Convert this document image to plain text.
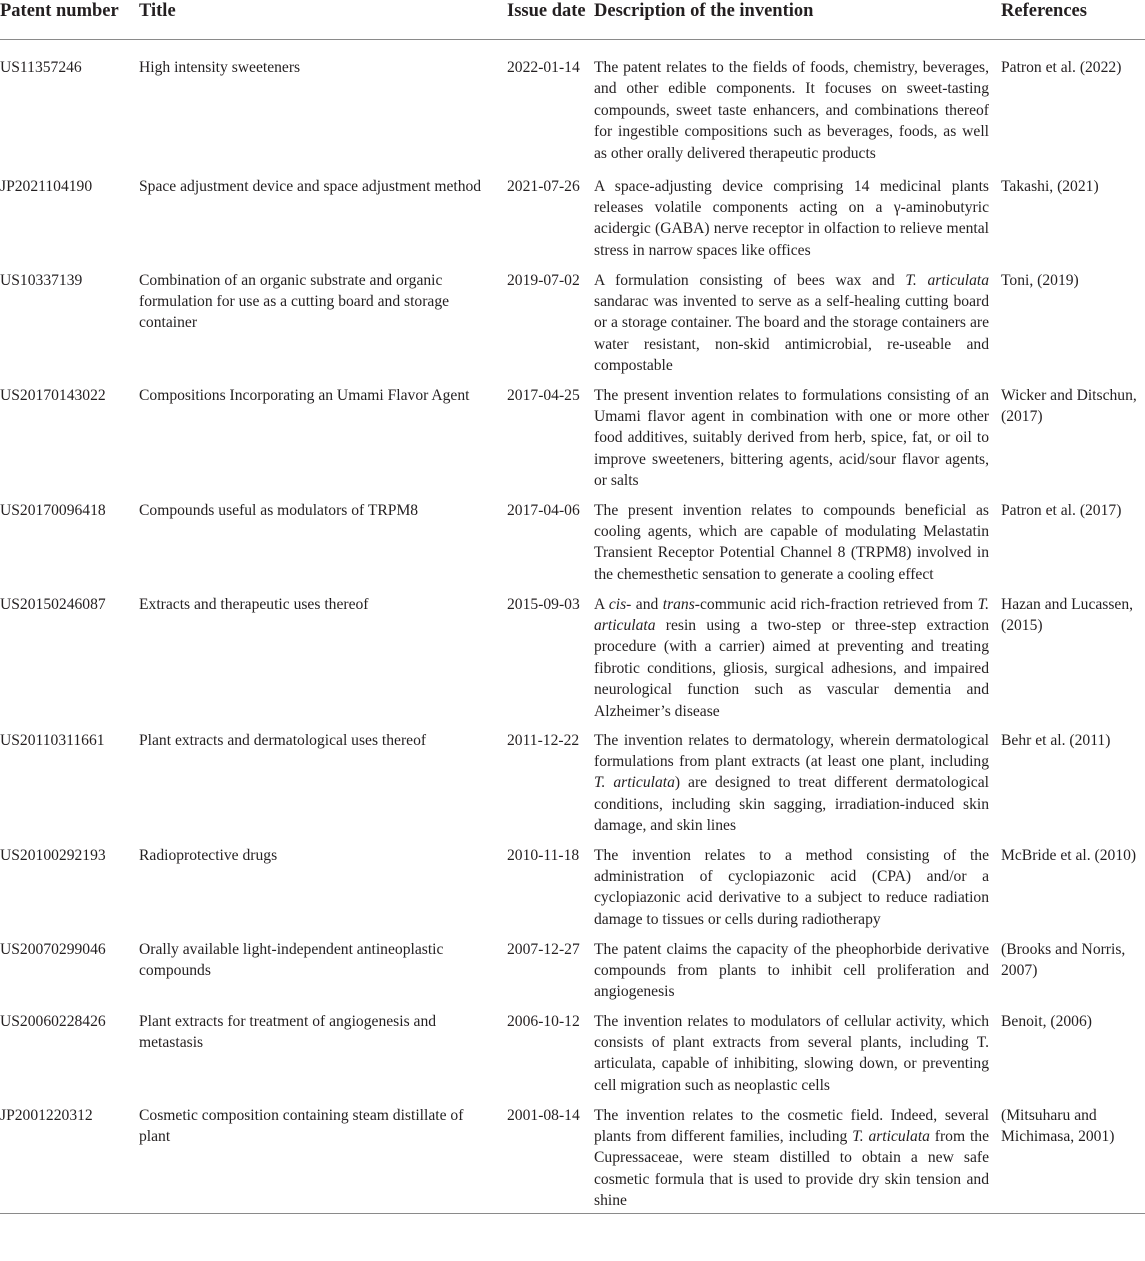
Patent number	Title	Issue date	Description of the invention	References
US11357246	High intensity sweeteners	2022-01-14	The patent relates to the fields of foods, chemistry, beverages, and other edible components. It focuses on sweet-tasting compounds, sweet taste enhancers, and combinations thereof for ingestible compositions such as beverages, foods, as well as other orally delivered therapeutic products	Patron et al. (2022)
JP2021104190	Space adjustment device and space adjustment method	2021-07-26	A space-adjusting device comprising 14 medicinal plants releases volatile components acting on a γ-aminobutyric acidergic (GABA) nerve receptor in olfaction to relieve mental stress in narrow spaces like offices	Takashi, (2021)
US10337139	Combination of an organic substrate and organic formulation for use as a cutting board and storage container	2019-07-02	A formulation consisting of bees wax and T. articulata sandarac was invented to serve as a self-healing cutting board or a storage container. The board and the storage containers are water resistant, non-skid antimicrobial, re-useable and compostable	Toni, (2019)
US20170143022	Compositions Incorporating an Umami Flavor Agent	2017-04-25	The present invention relates to formulations consisting of an Umami flavor agent in combination with one or more other food additives, suitably derived from herb, spice, fat, or oil to improve sweeteners, bittering agents, acid/sour flavor agents, or salts	Wicker and Ditschun, (2017)
US20170096418	Compounds useful as modulators of TRPM8	2017-04-06	The present invention relates to compounds beneficial as cooling agents, which are capable of modulating Melastatin Transient Receptor Potential Channel 8 (TRPM8) involved in the chemesthetic sensation to generate a cooling effect	Patron et al. (2017)
US20150246087	Extracts and therapeutic uses thereof	2015-09-03	A cis- and trans-communic acid rich-fraction retrieved from T. articulata resin using a two-step or three-step extraction procedure (with a carrier) aimed at preventing and treating fibrotic conditions, gliosis, surgical adhesions, and impaired neurological function such as vascular dementia and Alzheimer’s disease	Hazan and Lucassen, (2015)
US20110311661	Plant extracts and dermatological uses thereof	2011-12-22	The invention relates to dermatology, wherein dermatological formulations from plant extracts (at least one plant, including T. articulata) are designed to treat different dermatological conditions, including skin sagging, irradiation-induced skin damage, and skin lines	Behr et al. (2011)
US20100292193	Radioprotective drugs	2010-11-18	The invention relates to a method consisting of the administration of cyclopiazonic acid (CPA) and/or a cyclopiazonic acid derivative to a subject to reduce radiation damage to tissues or cells during radiotherapy	McBride et al. (2010)
US20070299046	Orally available light-independent antineoplastic compounds	2007-12-27	The patent claims the capacity of the pheophorbide derivative compounds from plants to inhibit cell proliferation and angiogenesis	(Brooks and Norris, 2007)
US20060228426	Plant extracts for treatment of angiogenesis and metastasis	2006-10-12	The invention relates to modulators of cellular activity, which consists of plant extracts from several plants, including T. articulata, capable of inhibiting, slowing down, or preventing cell migration such as neoplastic cells	Benoit, (2006)
JP2001220312	Cosmetic composition containing steam distillate of plant	2001-08-14	The invention relates to the cosmetic field. Indeed, several plants from different families, including T. articulata from the Cupressaceae, were steam distilled to obtain a new safe cosmetic formula that is used to provide dry skin tension and shine	(Mitsuharu and Michimasa, 2001)
